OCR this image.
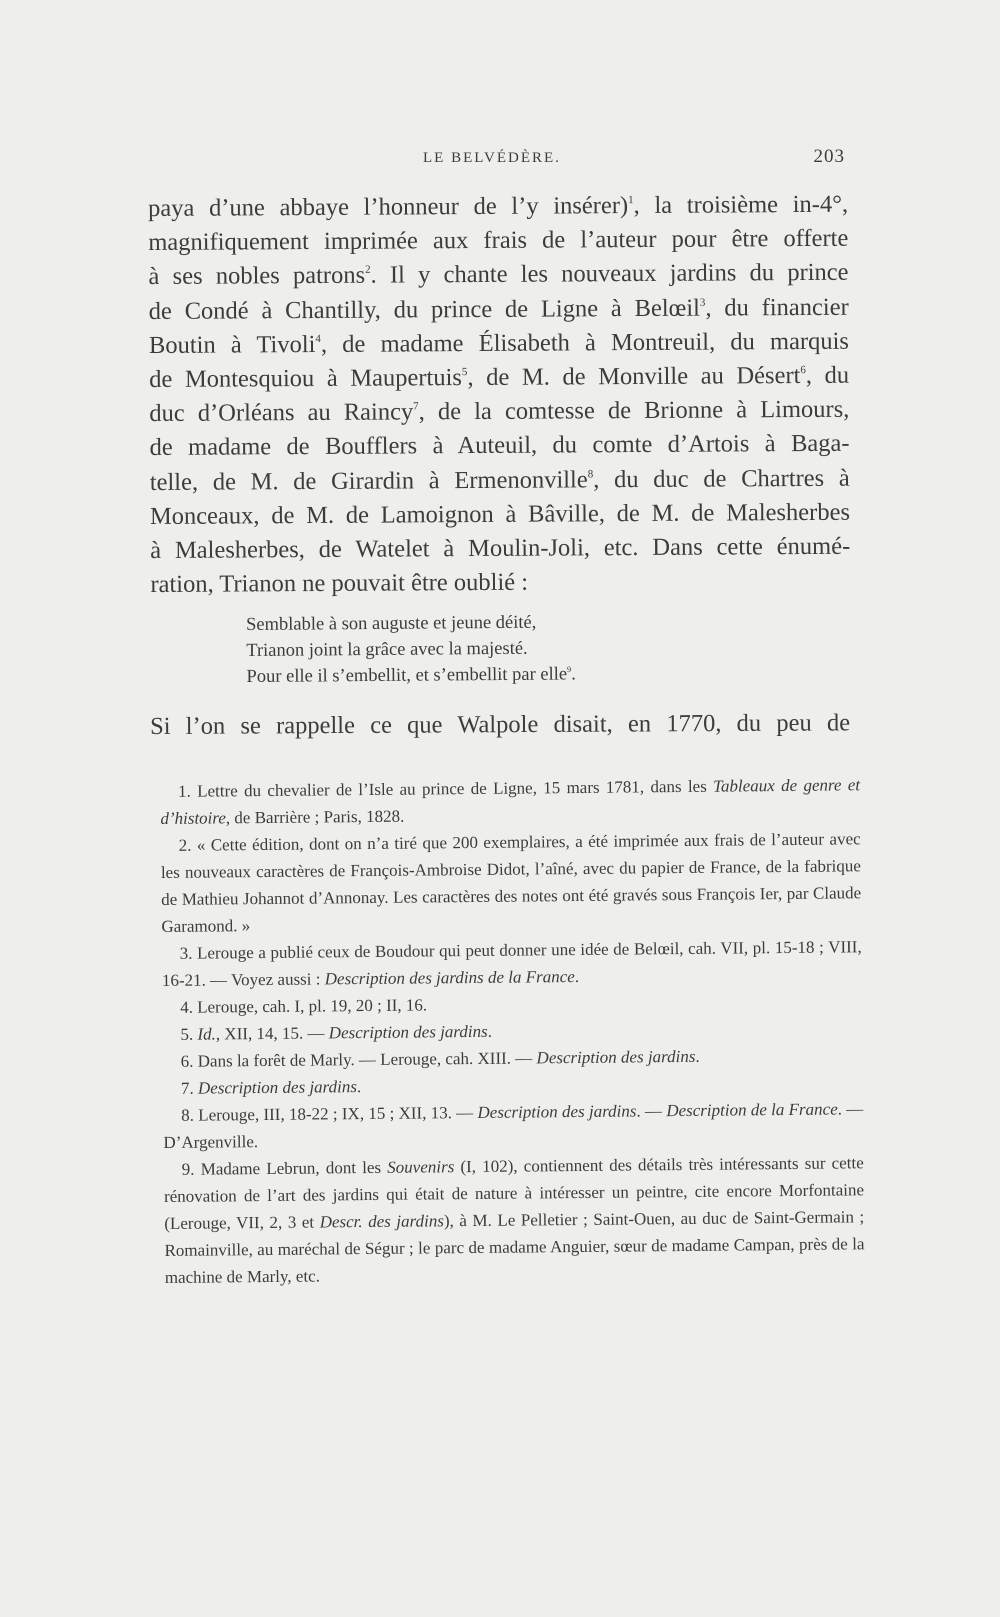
LE BELVÉDÈRE.	203
paya d’une abbaye l’honneur de l’y insérer)$^1$, la troisième in-4°,
magnifiquement imprimée aux frais de l’auteur pour être offerte
à ses nobles patrons$^2$. Il y chante les nouveaux jardins du prince
de Condé à Chantilly, du prince de Ligne à Belœil$^3$, du financier
Boutin à Tivoli$^4$, de madame Élisabeth à Montreuil, du marquis
de Montesquiou à Maupertuis$^5$, de M. de Monville au Désert$^6$, du
duc d’Orléans au Raincy$^7$, de la comtesse de Brionne à Limours,
de madame de Boufflers à Auteuil, du comte d’Artois à Baga-
telle, de M. de Girardin à Ermenonville$^8$, du duc de Chartres à
Monceaux, de M. de Lamoignon à Bâville, de M. de Malesherbes
à Malesherbes, de Watelet à Moulin-Joli, etc. Dans cette énumé-
ration, Trianon ne pouvait être oublié :
Semblable à son auguste et jeune déité,
Trianon joint la grâce avec la majesté.
Pour elle il s’embellit, et s’embellit par elle$^9$.
Si l’on se rappelle ce que Walpole disait, en 1770, du peu de

1. Lettre du chevalier de l’Isle au prince de Ligne, 15 mars 1781, dans les Tableaux de genre et d’histoire, de Barrière ; Paris, 1828.

2. « Cette édition, dont on n’a tiré que 200 exemplaires, a été imprimée aux frais de l’auteur avec les nouveaux caractères de François-Ambroise Didot, l’aîné, avec du papier de France, de la fabrique de Mathieu Johannot d’Annonay. Les caractères des notes ont été gravés sous François Ier, par Claude Garamond. »

3. Lerouge a publié ceux de Boudour qui peut donner une idée de Belœil, cah. VII, pl. 15-18 ; VIII, 16-21. — Voyez aussi : Description des jardins de la France.

4. Lerouge, cah. I, pl. 19, 20 ; II, 16.

5. Id., XII, 14, 15. — Description des jardins.

6. Dans la forêt de Marly. — Lerouge, cah. XIII. — Description des jardins.

7. Description des jardins.

8. Lerouge, III, 18-22 ; IX, 15 ; XII, 13. — Description des jardins. — Description de la France. — D’Argenville.

9. Madame Lebrun, dont les Souvenirs (I, 102), contiennent des détails très intéressants sur cette rénovation de l’art des jardins qui était de nature à intéresser un peintre, cite encore Morfontaine (Lerouge, VII, 2, 3 et Descr. des jardins), à M. Le Pelletier ; Saint-Ouen, au duc de Saint-Germain ; Romainville, au maréchal de Ségur ; le parc de madame Anguier, sœur de madame Campan, près de la machine de Marly, etc.
